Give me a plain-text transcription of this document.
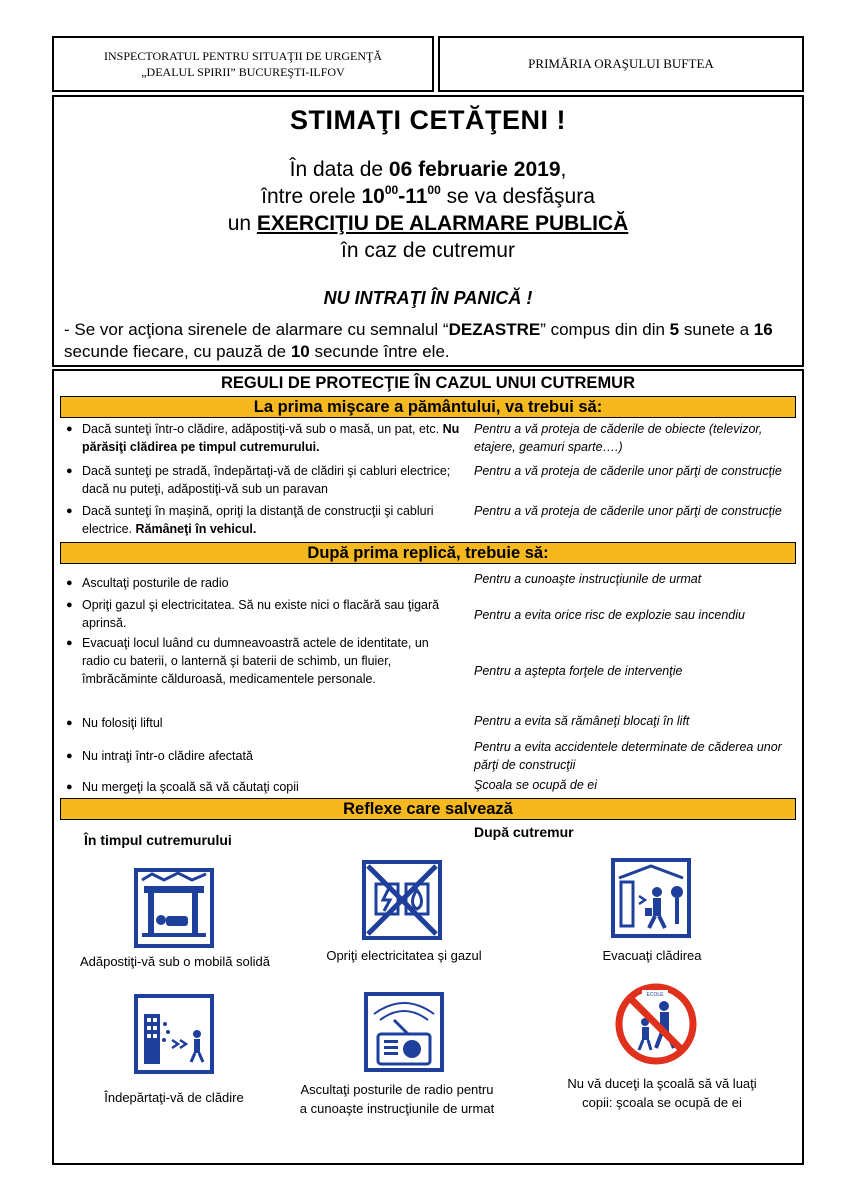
INSPECTORATUL PENTRU SITUAŢII DE URGENŢĂ
„DEALUL SPIRII” BUCUREŞTI-ILFOV
PRIMĂRIA ORAŞULUI BUFTEA
STIMAŢI CETĂŢENI !
În data de 06 februarie 2019,
între orele $10^{00}-11^{00}$ se va desfăşura
un EXERCIŢIU DE ALARMARE PUBLICĂ
în caz de cutremur
NU INTRAŢI ÎN PANICĂ !
- Se vor acţiona sirenele de alarmare cu semnalul “DEZASTRE” compus din din 5 sunete a 16 secunde fiecare, cu pauză de 10 secunde între ele.
REGULI DE PROTECŢIE ÎN CAZUL UNUI CUTREMUR
La prima mişcare a pământului, va trebui să:
● Dacă sunteţi într-o clădire, adăpostiţi-vă sub o masă, un pat, etc. Nu părăsiţi clădirea pe timpul cutremurului.
Pentru a vă proteja de căderile de obiecte (televizor, etajere, geamuri sparte….)
● Dacă sunteţi pe stradă, îndepărtaţi-vă de clădiri şi cabluri electrice; dacă nu puteţi, adăpostiţi-vă sub un paravan
Pentru a vă proteja de căderile unor părţi de construcţie
● Dacă sunteţi în maşină, opriţi la distanţă de construcţii şi cabluri electrice. Rămâneţi în vehicul.
Pentru a vă proteja de căderile unor părţi de construcţie
După prima replică, trebuie să:
● Ascultaţi posturile de radio	Pentru a cunoaşte instrucţiunile de urmat
● Opriţi gazul şi electricitatea. Să nu existe nici o flacără sau ţigară aprinsă.
Pentru a evita orice risc de explozie sau incendiu
● Evacuaţi locul luând cu dumneavoastră actele de identitate, un radio cu baterii, o lanternă şi baterii de schimb, un fluier, îmbrăcăminte călduroasă, medicamentele personale.
Pentru a aştepta forţele de intervenţie
● Nu folosiţi liftul	Pentru a evita să rămâneţi blocaţi în lift
● Nu intraţi într-o clădire afectată
Pentru a evita accidentele determinate de căderea unor părţi de construcţii
● Nu mergeţi la şcoală să vă căutaţi copii	Şcoala se ocupă de ei
Reflexe care salvează
În timpul cutremurului	După cutremur
Adăpostiţi-vă sub o mobilă solidă	Opriţi electricitatea şi gazul	Evacuaţi clădirea
Îndepărtaţi-vă de clădire
Ascultaţi posturile de radio pentru
a cunoaşte instrucţiunile de urmat
ECOLE
Nu vă duceţi la şcoală să vă luaţi
copii: şcoala se ocupă de ei
